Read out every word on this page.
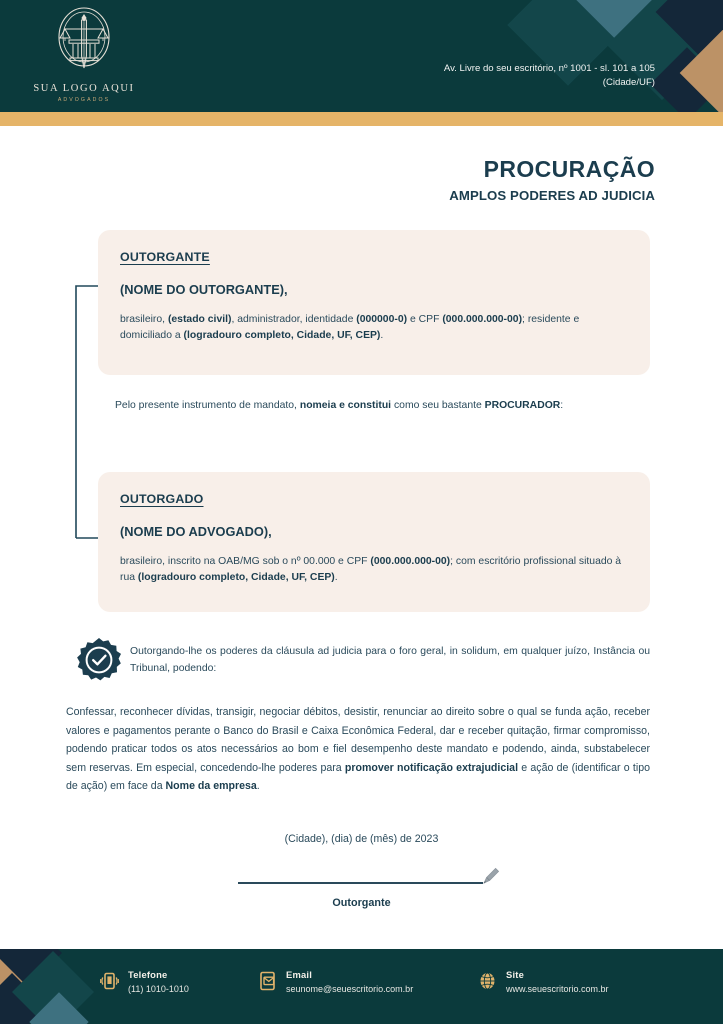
SUA LOGO AQUI
ADVOGADOS
Av. Livre do seu escritório, nº 1001 - sl. 101 a 105
(Cidade/UF)
PROCURAÇÃO
AMPLOS PODERES AD JUDICIA
OUTORGANTE
(NOME DO OUTORGANTE),
brasileiro, (estado civil), administrador, identidade (000000-0) e CPF (000.000.000-00); residente e domiciliado a (logradouro completo, Cidade, UF, CEP).
Pelo presente instrumento de mandato, nomeia e constitui como seu bastante PROCURADOR:
OUTORGADO
(NOME DO ADVOGADO),
brasileiro, inscrito na OAB/MG sob o nº 00.000 e CPF (000.000.000-00); com escritório profissional situado à rua (logradouro completo, Cidade, UF, CEP).
Outorgando-lhe os poderes da cláusula ad judicia para o foro geral, in solidum, em qualquer juízo, Instância ou Tribunal, podendo:
Confessar, reconhecer dívidas, transigir, negociar débitos, desistir, renunciar ao direito sobre o qual se funda ação, receber valores e pagamentos perante o Banco do Brasil e Caixa Econômica Federal, dar e receber quitação, firmar compromisso, podendo praticar todos os atos necessários ao bom e fiel desempenho deste mandato e podendo, ainda, substabelecer sem reservas. Em especial, concedendo-lhe poderes para promover notificação extrajudicial e ação de (identificar o tipo de ação) em face da Nome da empresa.
(Cidade), (dia) de (mês) de 2023
Outorgante
Telefone
(11) 1010-1010
Email
seunome@seuescritorio.com.br
Site
www.seuescritorio.com.br
